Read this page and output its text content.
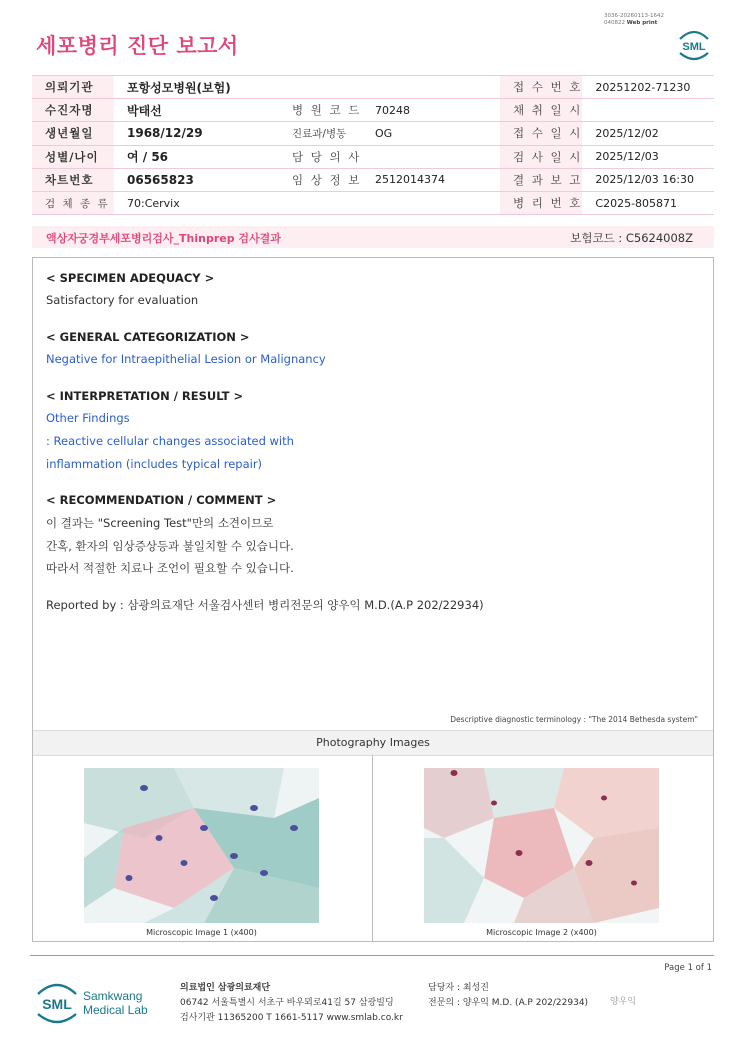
세포병리 진단 보고서
3036-20260113-1642
040822 Web print
SML
의뢰기관	포항성모병원(보험)			접 수 번 호	20251202-71230
수진자명	박태선	병 원 코 드	70248	채 취 일 시	
생년월일	1968/12/29	진료과/병동	OG	접 수 일 시	2025/12/02
성별/나이	여 / 56	담 당 의 사		검 사 일 시	2025/12/03
차트번호	06565823	임 상 정 보	2512014374	결 과 보 고	2025/12/03 16:30
검 체 종 류	70:Cervix			병 리 번 호	C2025-805871
액상자궁경부세포병리검사_Thinprep 검사결과	보험코드 : C5624008Z
< SPECIMEN ADEQUACY >
Satisfactory for evaluation
< GENERAL CATEGORIZATION >
Negative for Intraepithelial Lesion or Malignancy
< INTERPRETATION / RESULT >
Other Findings
: Reactive cellular changes associated with
inflammation (includes typical repair)
< RECOMMENDATION / COMMENT >
이 결과는 "Screening Test"만의 소견이므로
간혹, 환자의 임상증상등과 불일치할 수 있습니다.
따라서 적절한 치료나 조언이 필요할 수 있습니다.
Reported by : 삼광의료재단 서울검사센터 병리전문의 양우익 M.D.(A.P 202/22934)
Descriptive diagnostic terminology : "The 2014 Bethesda system"
Photography Images
Microscopic Image 1 (x400)	Microscopic Image 2 (x400)
Page 1 of 1
SML Samkwang
Medical Lab
의료법인 삼광의료재단
06742 서울특별시 서초구 바우뫼로41길 57 삼광빌딩
검사기관 11365200 T 1661-5117 www.smlab.co.kr
담당자 : 최성진
전문의 : 양우익 M.D. (A.P 202/22934) 양우익
